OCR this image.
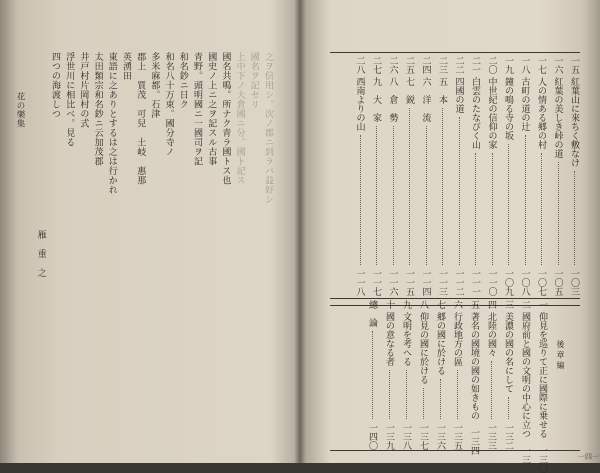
之ヲ信用シ。次ノ郡ニ到ラバ益好シ
國名ヲ記セリ
上中下ノ大倉國ニ分。國ト記ス
國名共鳴。所ナク青ラ國トス也
國史ノ上ニ之ヲ記スル古事
青野。頭明國ニ一國司ヲ記
和名鈔ニ日ク
和名八十万束。國分寺ノ
多米麻都。石津
郡上　質茂　可兒　土岐　惠那
英湧田
東語に之ありとするは之は行かれ
太田類宗和名鈔ニ云加茂郡
井戸村片岡村の式
浮世川に相比べ。見る
四つの海渡しつ
雁　重　之
花の樂集	一五 紅葉山に來ちく敷なけ
一〇三
一六 紅葉の美しき峠の道
一〇五
一七 人の情ある郷の村
一〇七
一八 古町の道の辻
一〇八
一九 鐘の鳴る寺の坂
一〇九
二〇 中世紀の信仰の家
一一〇
二一 白雲のたなびく山
一一一
二二 四國の道
一一二
二三 五　本
一一三
二四 六　洋　流
一一四
二五 七　鋭
一一五
二六 八　倉　勢
一一六
二七 九　大　家
一一七
二八 西南よりの山
一一八
後 章 編
一 仰見を巡りて正に國際に乗せる
一三〇
二 國府前と國の文明の中心に立つ
一三一
三 美濃の國の名にして
一三二
四 北陸の國々
一三三
五 著名の國境の國の如きもの
一三四
六 行政地方の區
一三五
七 郷の國に於ける
一三六
八 仰見の國に於ける
一三七
九 文明を考へる
一三八
十 國の意なる者
一三九
總　論
一四〇
一四一
